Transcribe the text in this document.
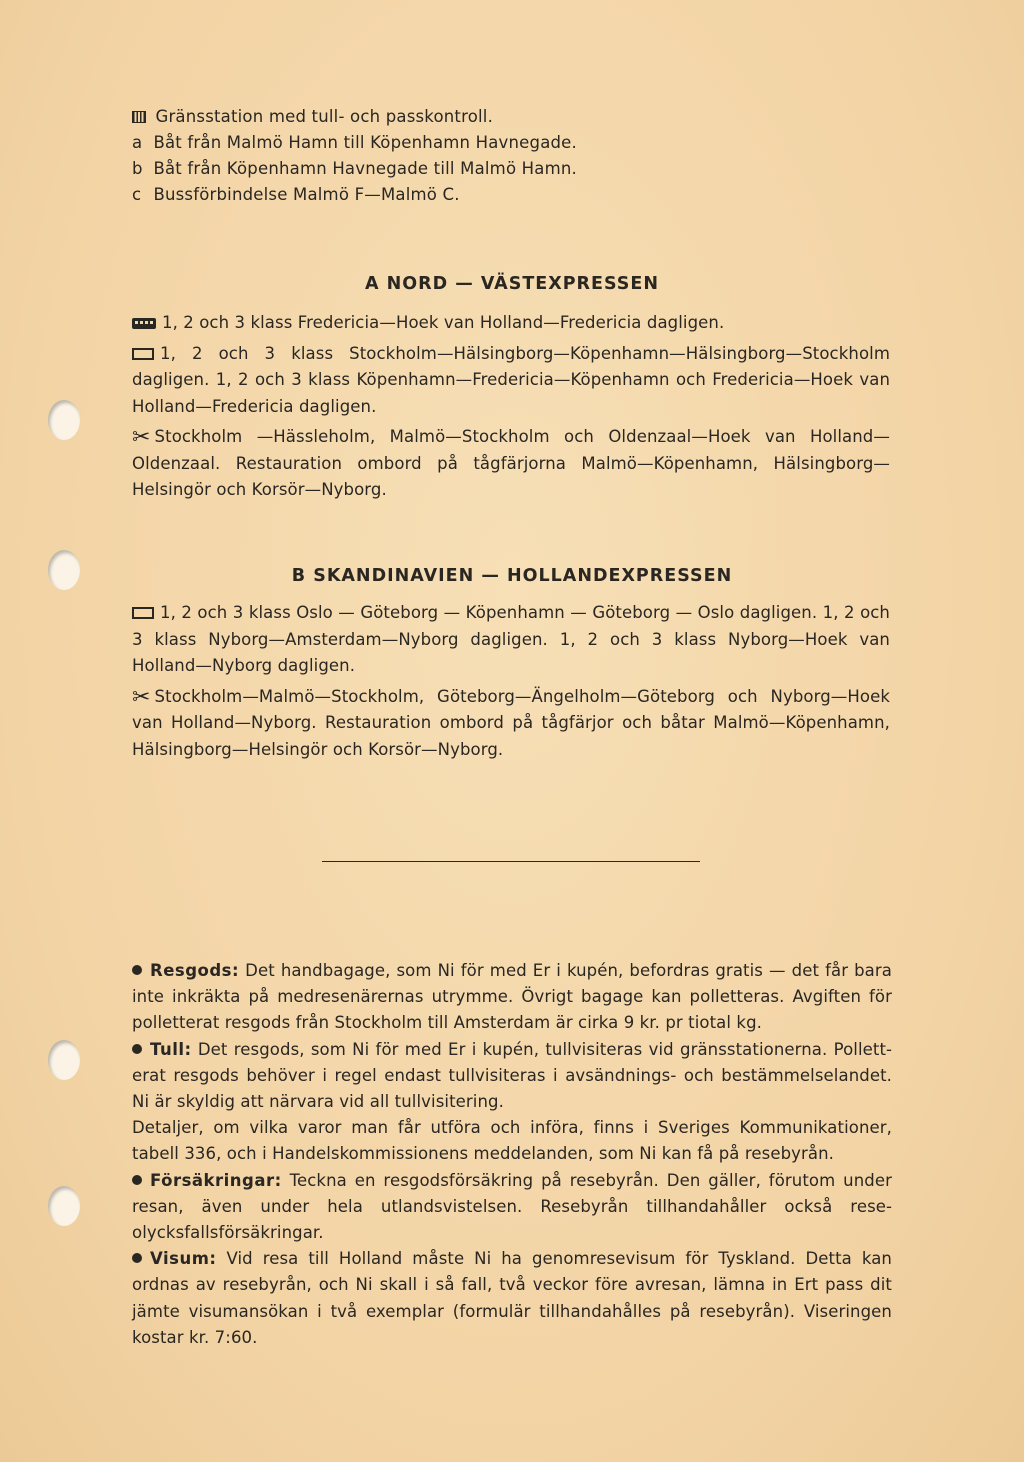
Gränsstation med tull- och passkontroll.
a Båt från Malmö Hamn till Köpenhamn Havnegade.
b Båt från Köpenhamn Havnegade till Malmö Hamn.
c Bussförbindelse Malmö F—Malmö C.
A NORD — VÄSTEXPRESSEN

1, 2 och 3 klass Fredericia—Hoek van Holland—Fredericia dagligen.

1, 2 och 3 klass Stockholm—Hälsingborg—Köpenhamn—Hälsingborg—Stockholm dagligen. 1, 2 och 3 klass Köpenhamn—Fredericia—Köpenhamn och Fredericia—Hoek van Holland—Fredericia dagligen.

✂ Stockholm —Hässleholm, Malmö—Stockholm och Oldenzaal—Hoek van Holland—Oldenzaal. Restauration ombord på tågfärjorna Malmö—Köpenhamn, Hälsingborg—Helsingör och Korsör—Nyborg.

B SKANDINAVIEN — HOLLANDEXPRESSEN

1, 2 och 3 klass Oslo — Göteborg — Köpenhamn — Göteborg — Oslo dagligen. 1, 2 och 3 klass Nyborg—Amsterdam—Nyborg dagligen. 1, 2 och 3 klass Nyborg—Hoek van Holland—Nyborg dagligen.

✂ Stockholm—Malmö—Stockholm, Göteborg—Ängelholm—Göteborg och Nyborg—Hoek van Holland—Nyborg. Restauration ombord på tågfärjor och båtar Malmö—Köpenhamn, Hälsingborg—Helsingör och Korsör—Nyborg.

Resgods: Det handbagage, som Ni för med Er i kupén, befordras gratis — det får bara inte inkräkta på medresenärernas utrymme. Övrigt bagage kan polletteras. Avgiften för polletterat resgods från Stockholm till Amsterdam är cirka 9 kr. pr tiotal kg.

Tull: Det resgods, som Ni för med Er i kupén, tullvisiteras vid gränsstationerna. Polletterat resgods behöver i regel endast tullvisiteras i avsändnings- och bestämmelselandet. Ni är skyldig att närvara vid all tullvisitering.

Detaljer, om vilka varor man får utföra och införa, finns i Sveriges Kommunikationer, tabell 336, och i Handelskommissionens meddelanden, som Ni kan få på resebyrån.

Försäkringar: Teckna en resgodsförsäkring på resebyrån. Den gäller, förutom under resan, även under hela utlandsvistelsen. Resebyrån tillhandahåller också reseolycksfallsförsäkringar.

Visum: Vid resa till Holland måste Ni ha genomresevisum för Tyskland. Detta kan ordnas av resebyrån, och Ni skall i så fall, två veckor före avresan, lämna in Ert pass dit jämte visumansökan i två exemplar (formulär tillhandahålles på resebyrån). Viseringen kostar kr. 7:60.
